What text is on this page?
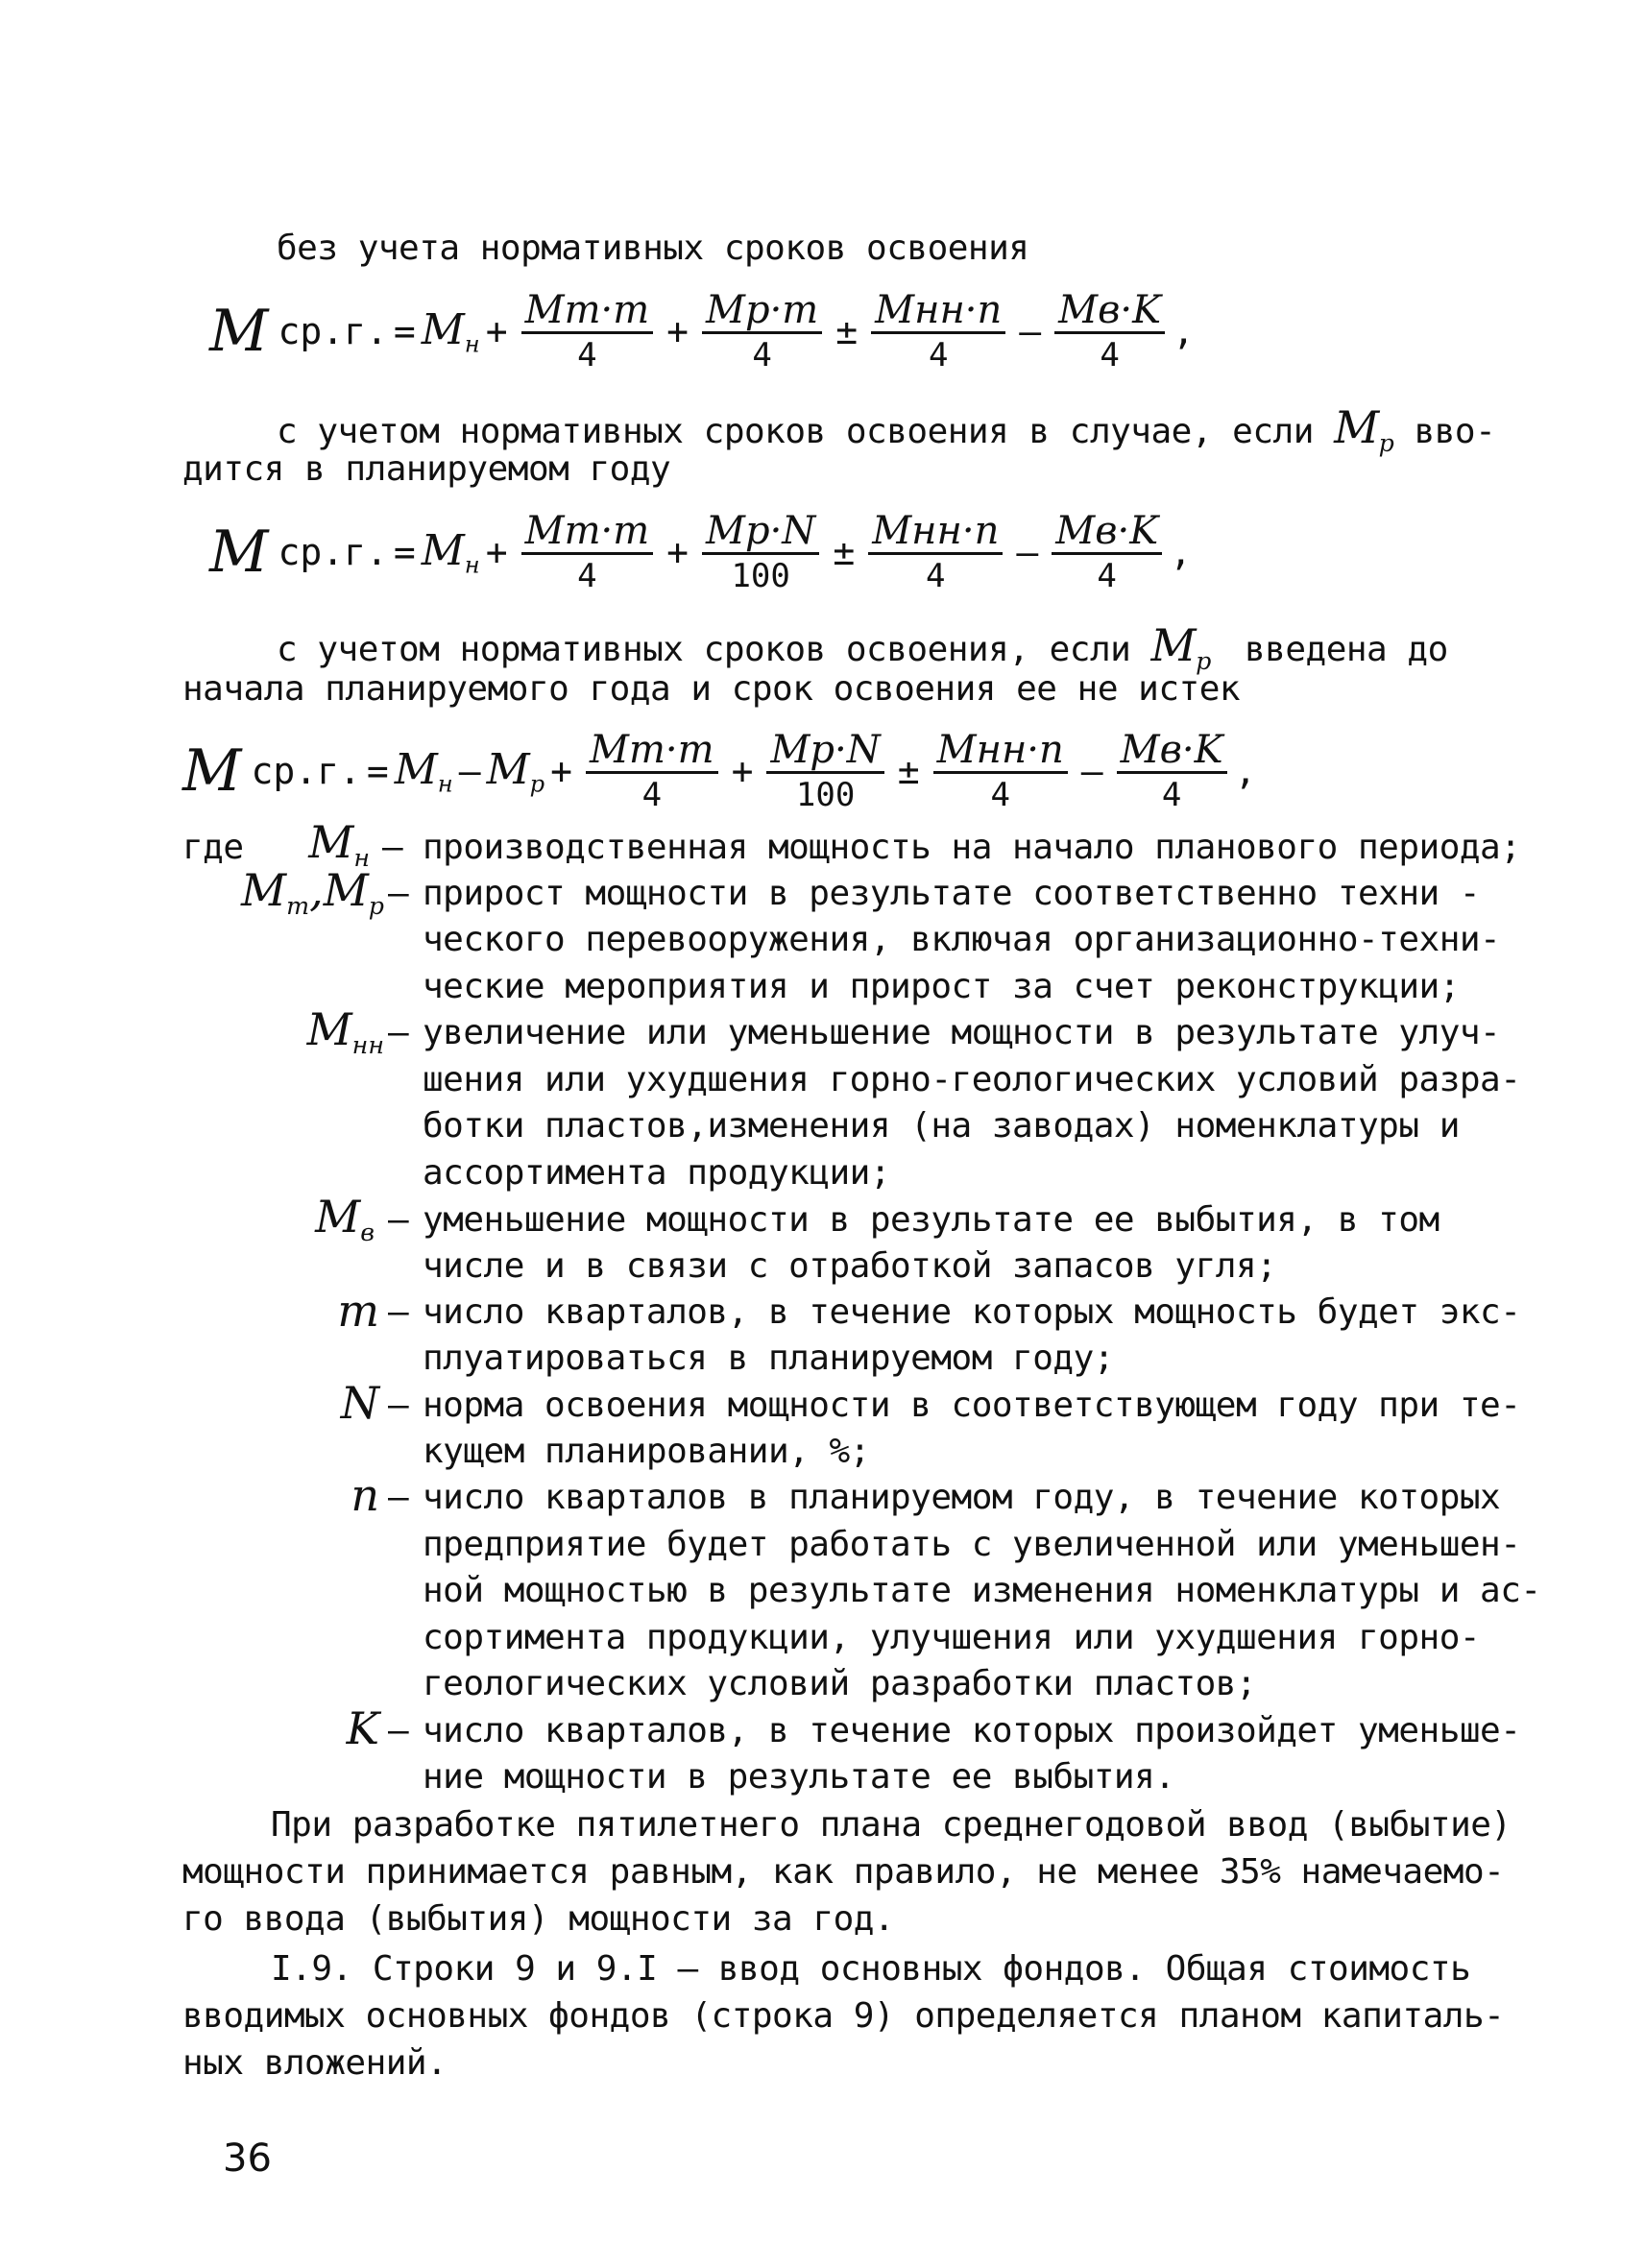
без учета нормативных сроков освоения
М ср.г. = $М_н + \frac{Мт\cdot m}{4} + \frac{Мр\cdot m}{4} \pm \frac{\text{Мнн·n}}{4} - \frac{Мв\cdot K}{4}$ ,
с учетом нормативных сроков освоения в случае, если $М_р$ вво-
дится в планируемом году
М ср.г. = $М_н + \frac{Мт\cdot m}{4} + \frac{Мр\cdot N}{100} \pm \frac{\text{Мнн·n}}{4} - \frac{Мв\cdot K}{4}$ ,
с учетом нормативных сроков освоения, если $М_р$ введена до
начала планируемого года и срок освоения ее не истек
М ср.г. = $М_н - М_р + \frac{Мт\cdot m}{4} + \frac{Мр\cdot N}{100} \pm \frac{\text{Мнн·n}}{4} - \frac{Мв\cdot K}{4}$ ,
где	$М_н$ – производственная мощность на начало планового периода;
$М_т,М_р$ – прирост мощности в результате соответственно техни -
ческого перевооружения, включая организационно-техни-
ческие мероприятия и прирост за счет реконструкции;
$М_{нн}$ – увеличение или уменьшение мощности в результате улуч-
шения или ухудшения горно-геологических условий разра-
ботки пластов,изменения (на заводах) номенклатуры и
ассортимента продукции;
$М_в$ – уменьшение мощности в результате ее выбытия, в том
числе и в связи с отработкой запасов угля;
m – число кварталов, в течение которых мощность будет экс-
плуатироваться в планируемом году;
N – норма освоения мощности в соответствующем году при те-
кущем планировании, %;
n – число кварталов в планируемом году, в течение которых
предприятие будет работать с увеличенной или уменьшен-
ной мощностью в результате изменения номенклатуры и ас-
сортимента продукции, улучшения или ухудшения горно-
геологических условий разработки пластов;
K – число кварталов, в течение которых произойдет уменьше-
ние мощности в результате ее выбытия.
При разработке пятилетнего плана среднегодовой ввод (выбытие)
мощности принимается равным, как правило, не менее 35% намечаемо-
го ввода (выбытия) мощности за год.
I.9. Строки 9 и 9.I – ввод основных фондов. Общая стоимость
вводимых основных фондов (строка 9) определяется планом капиталь-
ных вложений.
36
